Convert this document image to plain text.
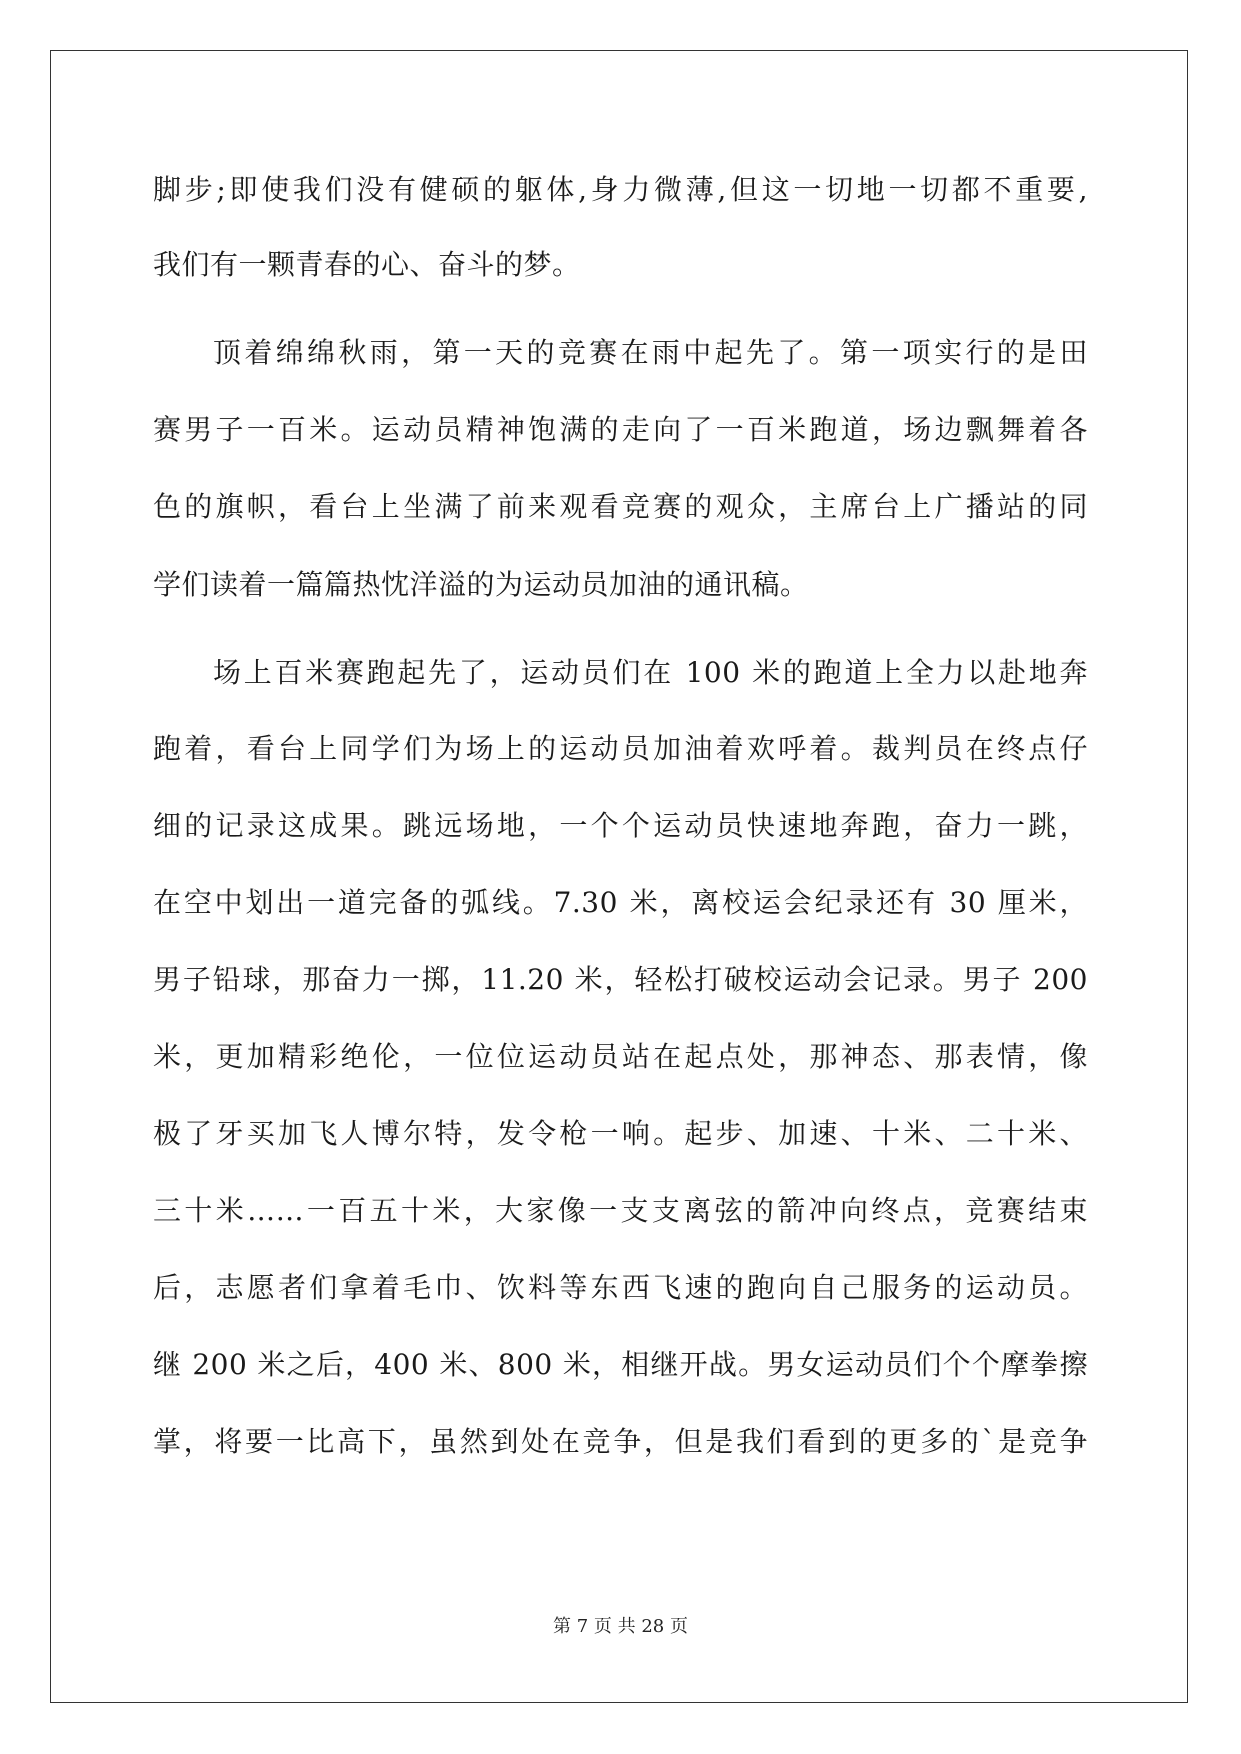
脚步;即使我们没有健硕的躯体,身力微薄,但这一切地一切都不重要,
我们有一颗青春的心、奋斗的梦。
顶着绵绵秋雨，第一天的竞赛在雨中起先了。第一项实行的是田
赛男子一百米。运动员精神饱满的走向了一百米跑道，场边飘舞着各
色的旗帜，看台上坐满了前来观看竞赛的观众，主席台上广播站的同
学们读着一篇篇热忱洋溢的为运动员加油的通讯稿。
场上百米赛跑起先了，运动员们在 100 米的跑道上全力以赴地奔
跑着，看台上同学们为场上的运动员加油着欢呼着。裁判员在终点仔
细的记录这成果。跳远场地，一个个运动员快速地奔跑，奋力一跳，
在空中划出一道完备的弧线。7.30 米，离校运会纪录还有 30 厘米，
男子铅球，那奋力一掷，11.20 米，轻松打破校运动会记录。男子 200
米，更加精彩绝伦，一位位运动员站在起点处，那神态、那表情，像
极了牙买加飞人博尔特，发令枪一响。起步、加速、十米、二十米、
三十米……一百五十米，大家像一支支离弦的箭冲向终点，竞赛结束
后，志愿者们拿着毛巾、饮料等东西飞速的跑向自己服务的运动员。
继 200 米之后，400 米、800 米，相继开战。男女运动员们个个摩拳擦
掌，将要一比高下，虽然到处在竞争，但是我们看到的更多的`是竞争
第 7 页 共 28 页
